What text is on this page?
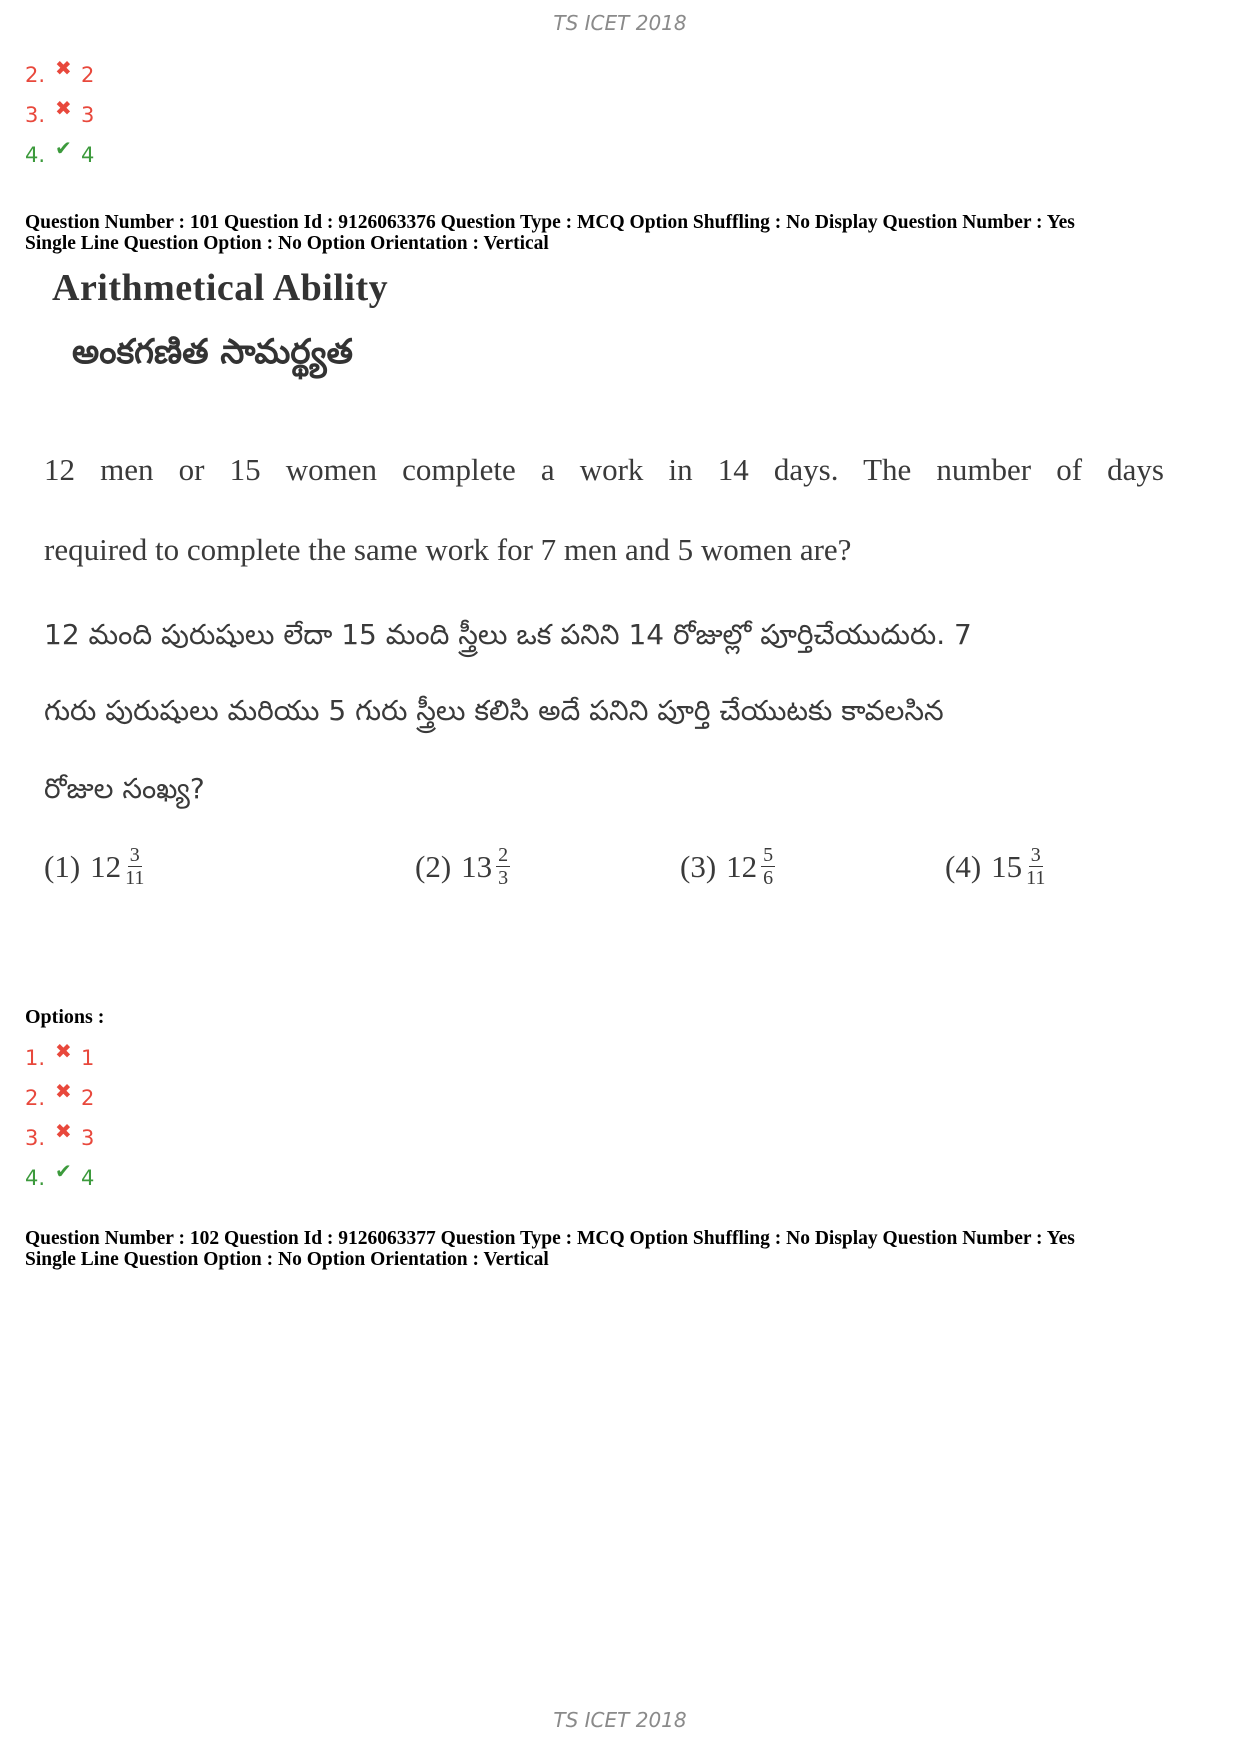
TS ICET 2018
2. ✖ 2
3. ✖ 3
4. ✔ 4
Question Number : 101 Question Id : 9126063376 Question Type : MCQ Option Shuffling : No Display Question Number : Yes
Single Line Question Option : No Option Orientation : Vertical
Arithmetical Ability
అంకగణిత సామర్థ్యత
12 men or 15 women complete a work in 14 days. The number of days
required to complete the same work for 7 men and 5 women are?
12 మంది పురుషులు లేదా 15 మంది స్త్రీలు ఒక పనిని 14 రోజుల్లో పూర్తిచేయుదురు. 7
గురు పురుషులు మరియు 5 గురు స్త్రీలు కలిసి అదే పనిని పూర్తి చేయుటకు కావలసిన
రోజుల సంఖ్య?
(1) $12 \frac{3}{11}$	(2) $13 \frac{2}{3}$	(3) $12 \frac{5}{6}$	(4) $15 \frac{3}{11}$
Options :
1. ✖ 1
2. ✖ 2
3. ✖ 3
4. ✔ 4
Question Number : 102 Question Id : 9126063377 Question Type : MCQ Option Shuffling : No Display Question Number : Yes
Single Line Question Option : No Option Orientation : Vertical
TS ICET 2018
